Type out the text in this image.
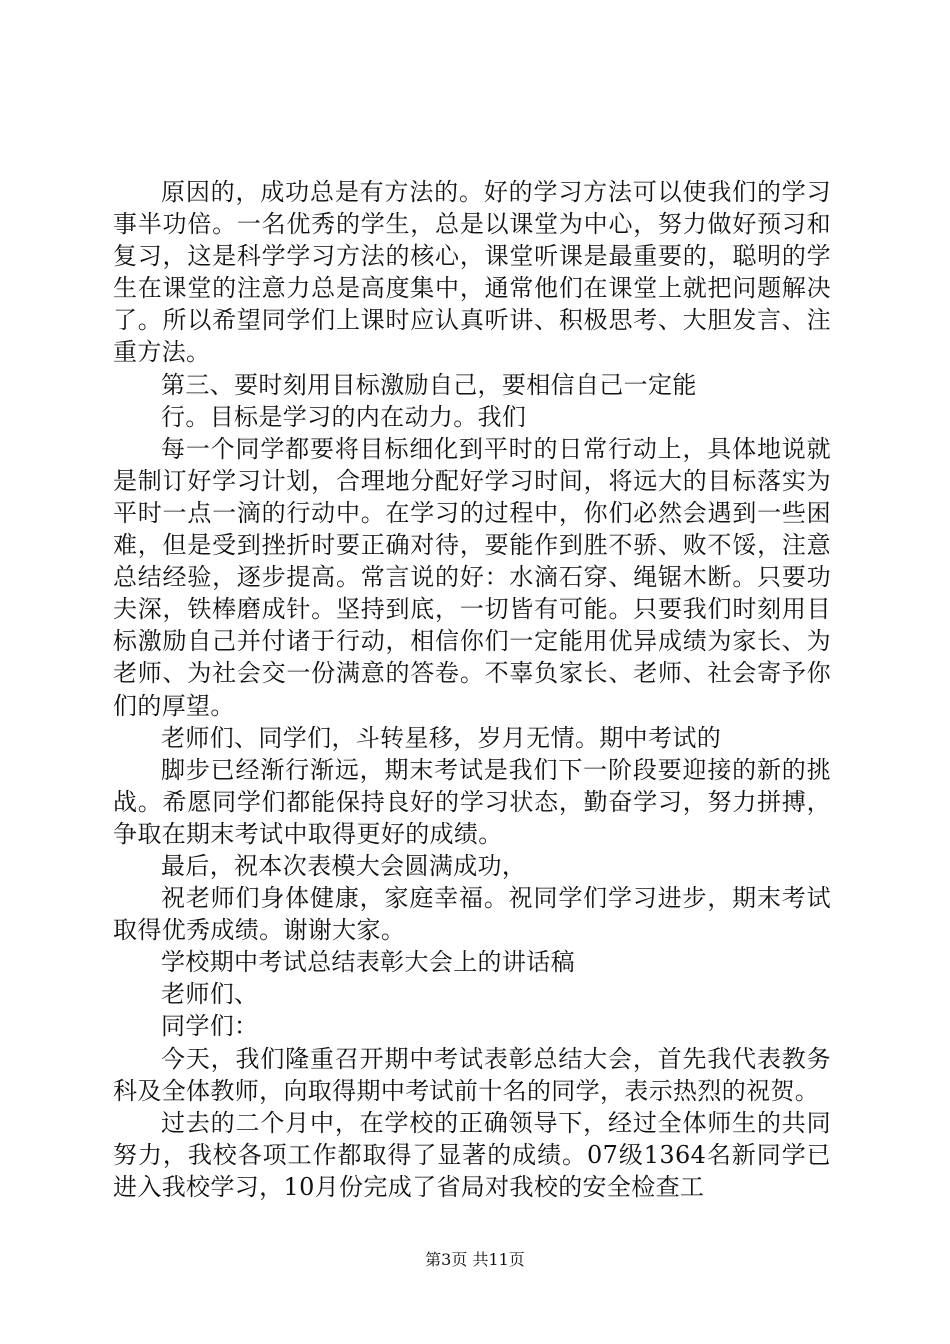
原因的，成功总是有方法的。好的学习方法可以使我们的学习事半功倍。一名优秀的学生，总是以课堂为中心，努力做好预习和复习，这是科学学习方法的核心，课堂听课是最重要的，聪明的学生在课堂的注意力总是高度集中，通常他们在课堂上就把问题解决了。所以希望同学们上课时应认真听讲、积极思考、大胆发言、注重方法。

第三、要时刻用目标激励自己，要相信自己一定能

行。目标是学习的内在动力。我们

每一个同学都要将目标细化到平时的日常行动上，具体地说就是制订好学习计划，合理地分配好学习时间，将远大的目标落实为平时一点一滴的行动中。在学习的过程中，你们必然会遇到一些困难，但是受到挫折时要正确对待，要能作到胜不骄、败不馁，注意总结经验，逐步提高。常言说的好：水滴石穿、绳锯木断。只要功夫深，铁棒磨成针。坚持到底，一切皆有可能。只要我们时刻用目标激励自己并付诸于行动，相信你们一定能用优异成绩为家长、为老师、为社会交一份满意的答卷。不辜负家长、老师、社会寄予你们的厚望。

老师们、同学们，斗转星移，岁月无情。期中考试的

脚步已经渐行渐远，期末考试是我们下一阶段要迎接的新的挑战。希愿同学们都能保持良好的学习状态，勤奋学习，努力拼搏，争取在期末考试中取得更好的成绩。

最后，祝本次表模大会圆满成功，

祝老师们身体健康，家庭幸福。祝同学们学习进步，期末考试取得优秀成绩。谢谢大家。

学校期中考试总结表彰大会上的讲话稿

老师们、

同学们：

今天，我们隆重召开期中考试表彰总结大会，首先我代表教务科及全体教师，向取得期中考试前十名的同学，表示热烈的祝贺。

过去的二个月中，在学校的正确领导下，经过全体师生的共同努力，我校各项工作都取得了显著的成绩。07级1364名新同学已进入我校学习，10月份完成了省局对我校的安全检查工

第3页 共11页
